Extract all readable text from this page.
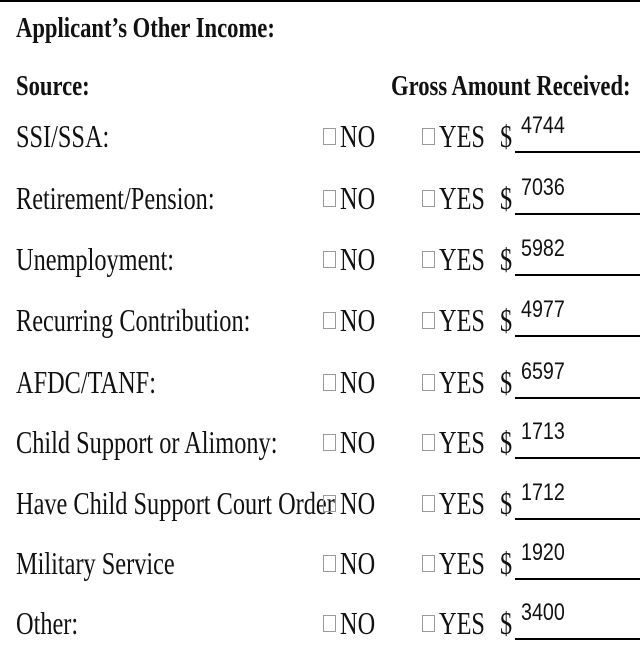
Applicant’s Other Income:
Source:	Gross Amount Received:
SSI/SSA:	NO YES $ 4744
Retirement/Pension:	NO YES $ 7036
Unemployment:	NO YES $ 5982
Recurring Contribution:	NO YES $ 4977
AFDC/TANF:	NO YES $ 6597
Child Support or Alimony: NO YES $ 1713
Have Child Support Court Order NO YES $ 1712
Military Service	NO YES $ 1920
Other:	NO YES $ 3400
